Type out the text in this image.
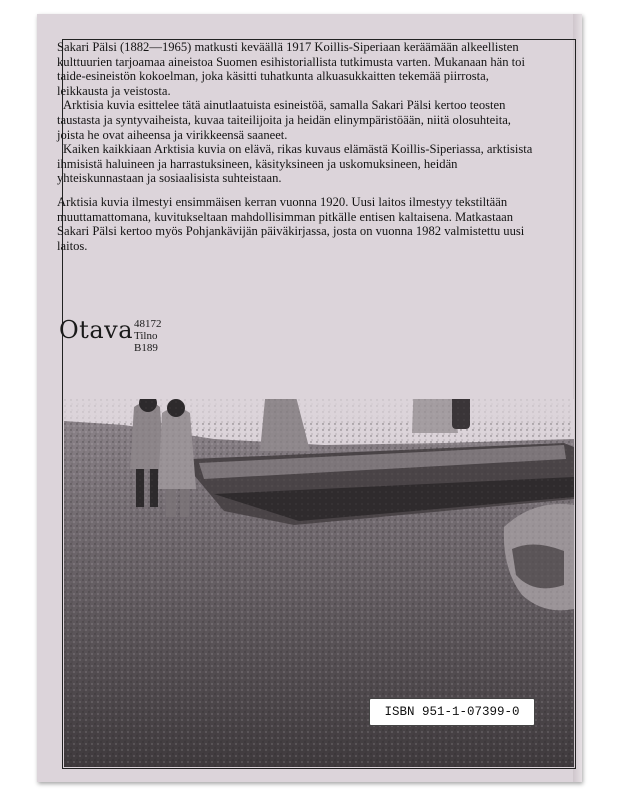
ISBN 951-1-07399-0

Sakari Pälsi (1882—1965) matkusti keväällä 1917 Koillis-Siperiaan keräämään alkeellisten kulttuurien tarjoamaa aineistoa Suomen esihistoriallista tutkimusta varten. Mukanaan hän toi taide-esineistön kokoelman, joka käsitti tuhatkunta alkuasukkaitten tekemää piirrosta, leikkausta ja veistosta.

Arktisia kuvia esittelee tätä ainutlaatuista esineistöä, samalla Sakari Pälsi kertoo teosten taustasta ja syntyvaiheista, kuvaa taiteilijoita ja heidän elinympäristöään, niitä olosuhteita, joista he ovat aiheensa ja virikkeensä saaneet.

Kaiken kaikkiaan Arktisia kuvia on elävä, rikas kuvaus elämästä Koillis-Siperiassa, arktisista ihmisistä haluineen ja harrastuksineen, käsityksineen ja uskomuksineen, heidän yhteiskunnastaan ja sosiaalisista suhteistaan.

Arktisia kuvia ilmestyi ensimmäisen kerran vuonna 1920. Uusi laitos ilmestyy tekstiltään muuttamattomana, kuvitukseltaan mahdollisimman pitkälle entisen kaltaisena. Matkastaan Sakari Pälsi kertoo myös Pohjankävijän päiväkirjassa, josta on vuonna 1982 valmistettu uusi laitos.

Otava 48172
Tilno B189
